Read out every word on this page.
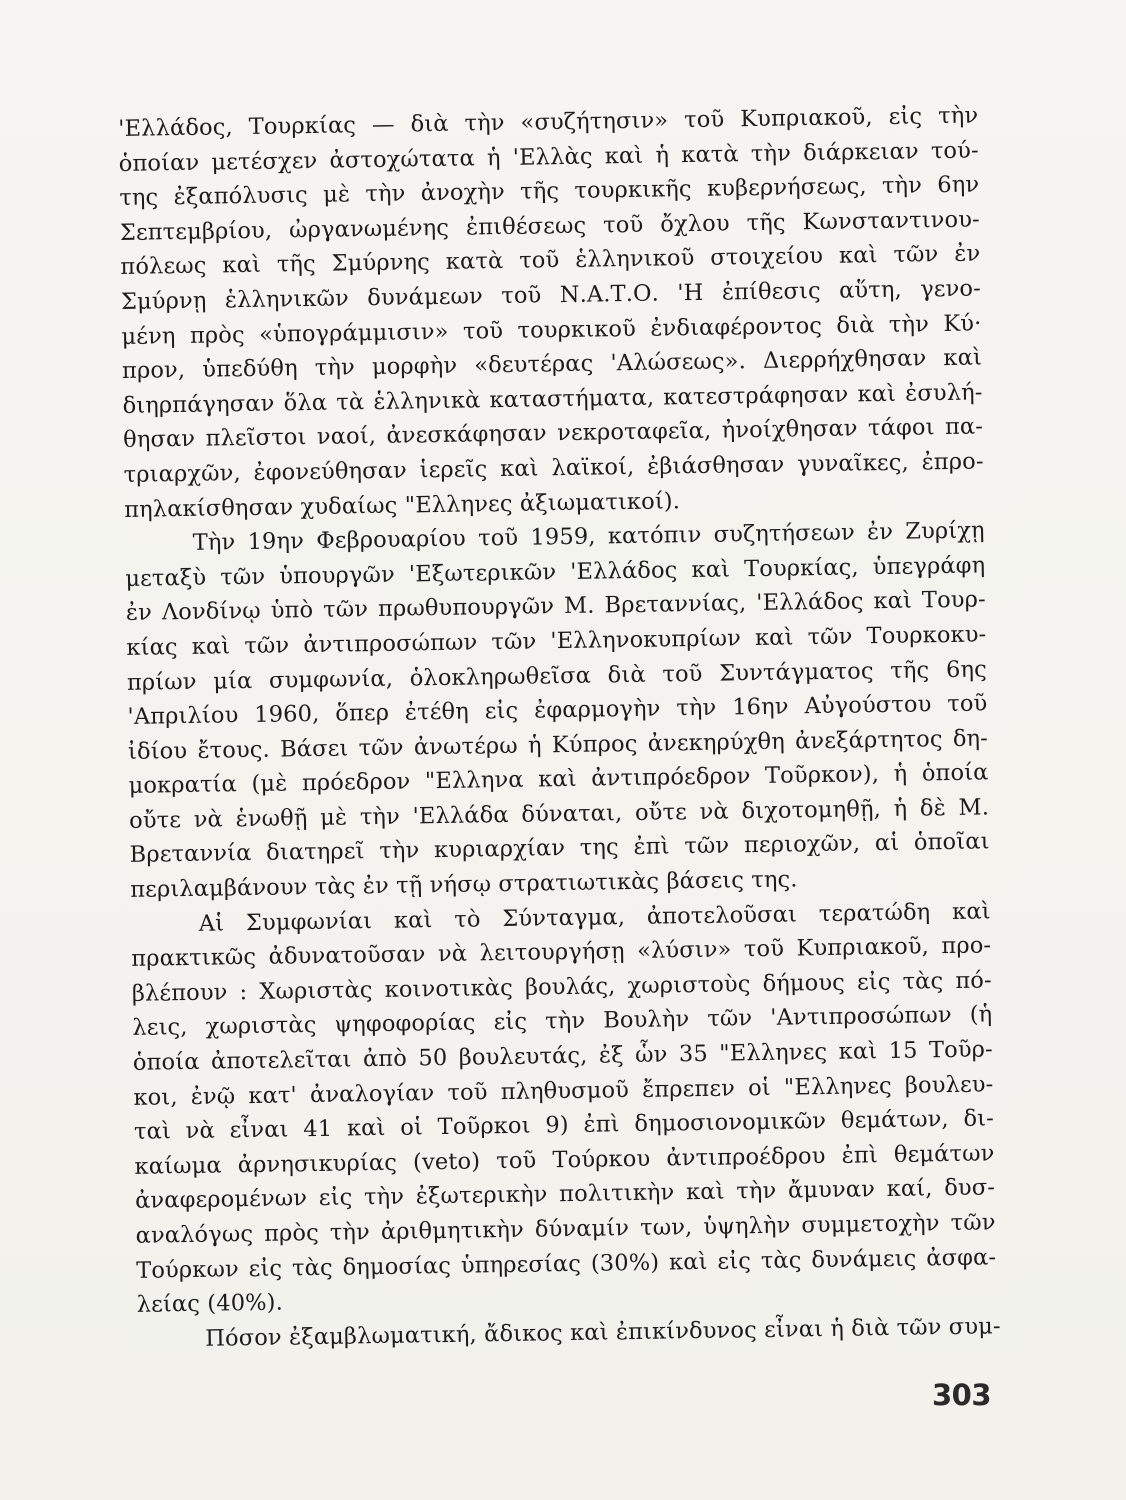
'Ελλάδος, Τουρκίας — διὰ τὴν «συζήτησιν» τοῦ Κυπριακοῦ, εἰς τὴν
ὁποίαν μετέσχεν ἀστοχώτατα ἡ 'Ελλὰς καὶ ἡ κατὰ τὴν διάρκειαν τού-
της ἐξαπόλυσις μὲ τὴν ἀνοχὴν τῆς τουρκικῆς κυβερνήσεως, τὴν 6ην
Σεπτεμβρίου, ὠργανωμένης ἐπιθέσεως τοῦ ὄχλου τῆς Κωνσταντινου-
πόλεως καὶ τῆς Σμύρνης κατὰ τοῦ ἑλληνικοῦ στοιχείου καὶ τῶν ἐν
Σμύρνῃ ἑλληνικῶν δυνάμεων τοῦ Ν.Α.Τ.Ο. 'Η ἐπίθεσις αὕτη, γενο-
μένη πρὸς «ὑπογράμμισιν» τοῦ τουρκικοῦ ἐνδιαφέροντος διὰ τὴν Κύ·
προν, ὑπεδύθη τὴν μορφὴν «δευτέρας 'Αλώσεως». Διερρήχθησαν καὶ
διηρπάγησαν ὅλα τὰ ἑλληνικὰ καταστήματα, κατεστράφησαν καὶ ἐσυλή-
θησαν πλεῖστοι ναοί, ἀνεσκάφησαν νεκροταφεῖα, ἠνοίχθησαν τάφοι πα-
τριαρχῶν, ἐφονεύθησαν ἱερεῖς καὶ λαϊκοί, ἐβιάσθησαν γυναῖκες, ἐπρο-
πηλακίσθησαν χυδαίως "Ελληνες ἀξιωματικοί).
Τὴν 19ην Φεβρουαρίου τοῦ 1959, κατόπιν συζητήσεων ἐν Ζυρίχῃ
μεταξὺ τῶν ὑπουργῶν 'Εξωτερικῶν 'Ελλάδος καὶ Τουρκίας, ὑπεγράφη
ἐν Λονδίνῳ ὑπὸ τῶν πρωθυπουργῶν Μ. Βρεταννίας, 'Ελλάδος καὶ Τουρ-
κίας καὶ τῶν ἀντιπροσώπων τῶν 'Ελληνοκυπρίων καὶ τῶν Τουρκοκυ-
πρίων μία συμφωνία, ὁλοκληρωθεῖσα διὰ τοῦ Συντάγματος τῆς 6ης
'Απριλίου 1960, ὅπερ ἐτέθη εἰς ἐφαρμογὴν τὴν 16ην Αὐγούστου τοῦ
ἰδίου ἔτους. Βάσει τῶν ἀνωτέρω ἡ Κύπρος ἀνεκηρύχθη ἀνεξάρτητος δη-
μοκρατία (μὲ πρόεδρον "Ελληνα καὶ ἀντιπρόεδρον Τοῦρκον), ἡ ὁποία
οὔτε νὰ ἑνωθῇ μὲ τὴν 'Ελλάδα δύναται, οὔτε νὰ διχοτομηθῇ, ἡ δὲ Μ.
Βρεταννία διατηρεῖ τὴν κυριαρχίαν της ἐπὶ τῶν περιοχῶν, αἱ ὁποῖαι
περιλαμβάνουν τὰς ἐν τῇ νήσῳ στρατιωτικὰς βάσεις της.
Αἱ Συμφωνίαι καὶ τὸ Σύνταγμα, ἀποτελοῦσαι τερατώδη καὶ
πρακτικῶς ἀδυνατοῦσαν νὰ λειτουργήσῃ «λύσιν» τοῦ Κυπριακοῦ, προ-
βλέπουν : Χωριστὰς κοινοτικὰς βουλάς, χωριστοὺς δήμους εἰς τὰς πό-
λεις, χωριστὰς ψηφοφορίας εἰς τὴν Βουλὴν τῶν 'Αντιπροσώπων (ἡ
ὁποία ἀποτελεῖται ἀπὸ 50 βουλευτάς, ἐξ ὧν 35 "Ελληνες καὶ 15 Τοῦρ-
κοι, ἐνῷ κατ' ἀναλογίαν τοῦ πληθυσμοῦ ἔπρεπεν οἱ "Ελληνες βουλευ-
ταὶ νὰ εἶναι 41 καὶ οἱ Τοῦρκοι 9) ἐπὶ δημοσιονομικῶν θεμάτων, δι-
καίωμα ἀρνησικυρίας (veto) τοῦ Τούρκου ἀντιπροέδρου ἐπὶ θεμάτων
ἀναφερομένων εἰς τὴν ἐξωτερικὴν πολιτικὴν καὶ τὴν ἄμυναν καί, δυσ-
αναλόγως πρὸς τὴν ἀριθμητικὴν δύναμίν των, ὑψηλὴν συμμετοχὴν τῶν
Τούρκων εἰς τὰς δημοσίας ὑπηρεσίας (30%) καὶ εἰς τὰς δυνάμεις ἀσφα-
λείας (40%).
Πόσον ἐξαμβλωματική, ἄδικος καὶ ἐπικίνδυνος εἶναι ἡ διὰ τῶν συμ-
303
